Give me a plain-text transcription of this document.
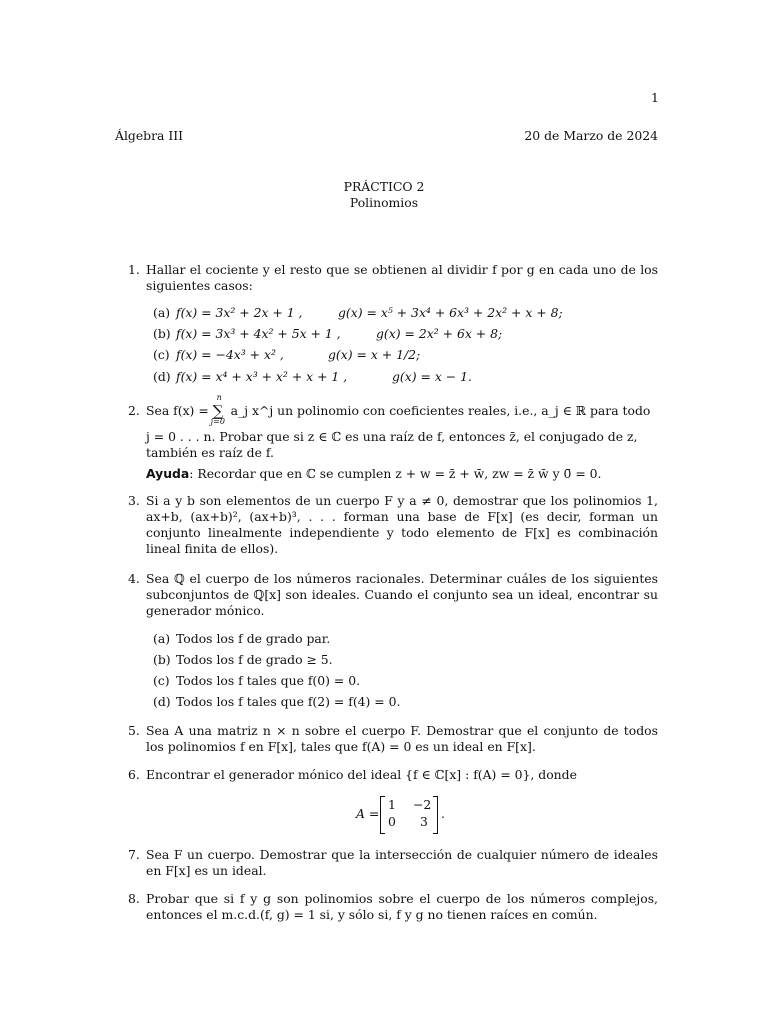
1
Álgebra III	20 de Marzo de 2024
PRÁCTICO 2
Polinomios
1. Hallar el cociente y el resto que se obtienen al dividir f por g en cada uno de los siguientes casos:
(a) f(x) = 3x² + 2x + 1 ,	g(x) = x⁵ + 3x⁴ + 6x³ + 2x² + x + 8;
(b) f(x) = 3x³ + 4x² + 5x + 1 ,	g(x) = 2x² + 6x + 8;
(c) f(x) = −4x³ + x² ,	g(x) = x + 1/2;
(d) f(x) = x⁴ + x³ + x² + x + 1 ,	g(x) = x − 1.
2. Sea f(x) = ∑
n
j=0
a_j x^j un polinomio con coeficientes reales, i.e., a_j ∈ ℝ para todo
j = 0 . . . n. Probar que si z ∈ ℂ es una raíz de f, entonces z̄, el conjugado de z,
también es raíz de f.
Ayuda: Recordar que en ℂ se cumplen z + w = z̄ + w̄, zw = z̄ w̄ y 0̄ = 0.
3. Si a y b son elementos de un cuerpo F y a ≠ 0, demostrar que los polinomios 1, ax+b, (ax+b)², (ax+b)³, . . . forman una base de F[x] (es decir, forman un conjunto linealmente independiente y todo elemento de F[x] es combinación lineal finita de ellos).
4. Sea ℚ el cuerpo de los números racionales. Determinar cuáles de los siguientes subconjuntos de ℚ[x] son ideales. Cuando el conjunto sea un ideal, encontrar su generador mónico.
(a) Todos los f de grado par.
(b) Todos los f de grado ≥ 5.
(c) Todos los f tales que f(0) = 0.
(d) Todos los f tales que f(2) = f(4) = 0.
5. Sea A una matriz n × n sobre el cuerpo F. Demostrar que el conjunto de todos los polinomios f en F[x], tales que f(A) = 0 es un ideal en F[x].
6. Encontrar el generador mónico del ideal {f ∈ ℂ[x] : f(A) = 0}, donde
A =
1 −2
0 3
.
7. Sea F un cuerpo. Demostrar que la intersección de cualquier número de ideales en F[x] es un ideal.
8. Probar que si f y g son polinomios sobre el cuerpo de los números complejos, entonces el m.c.d.(f, g) = 1 si, y sólo si, f y g no tienen raíces en común.
